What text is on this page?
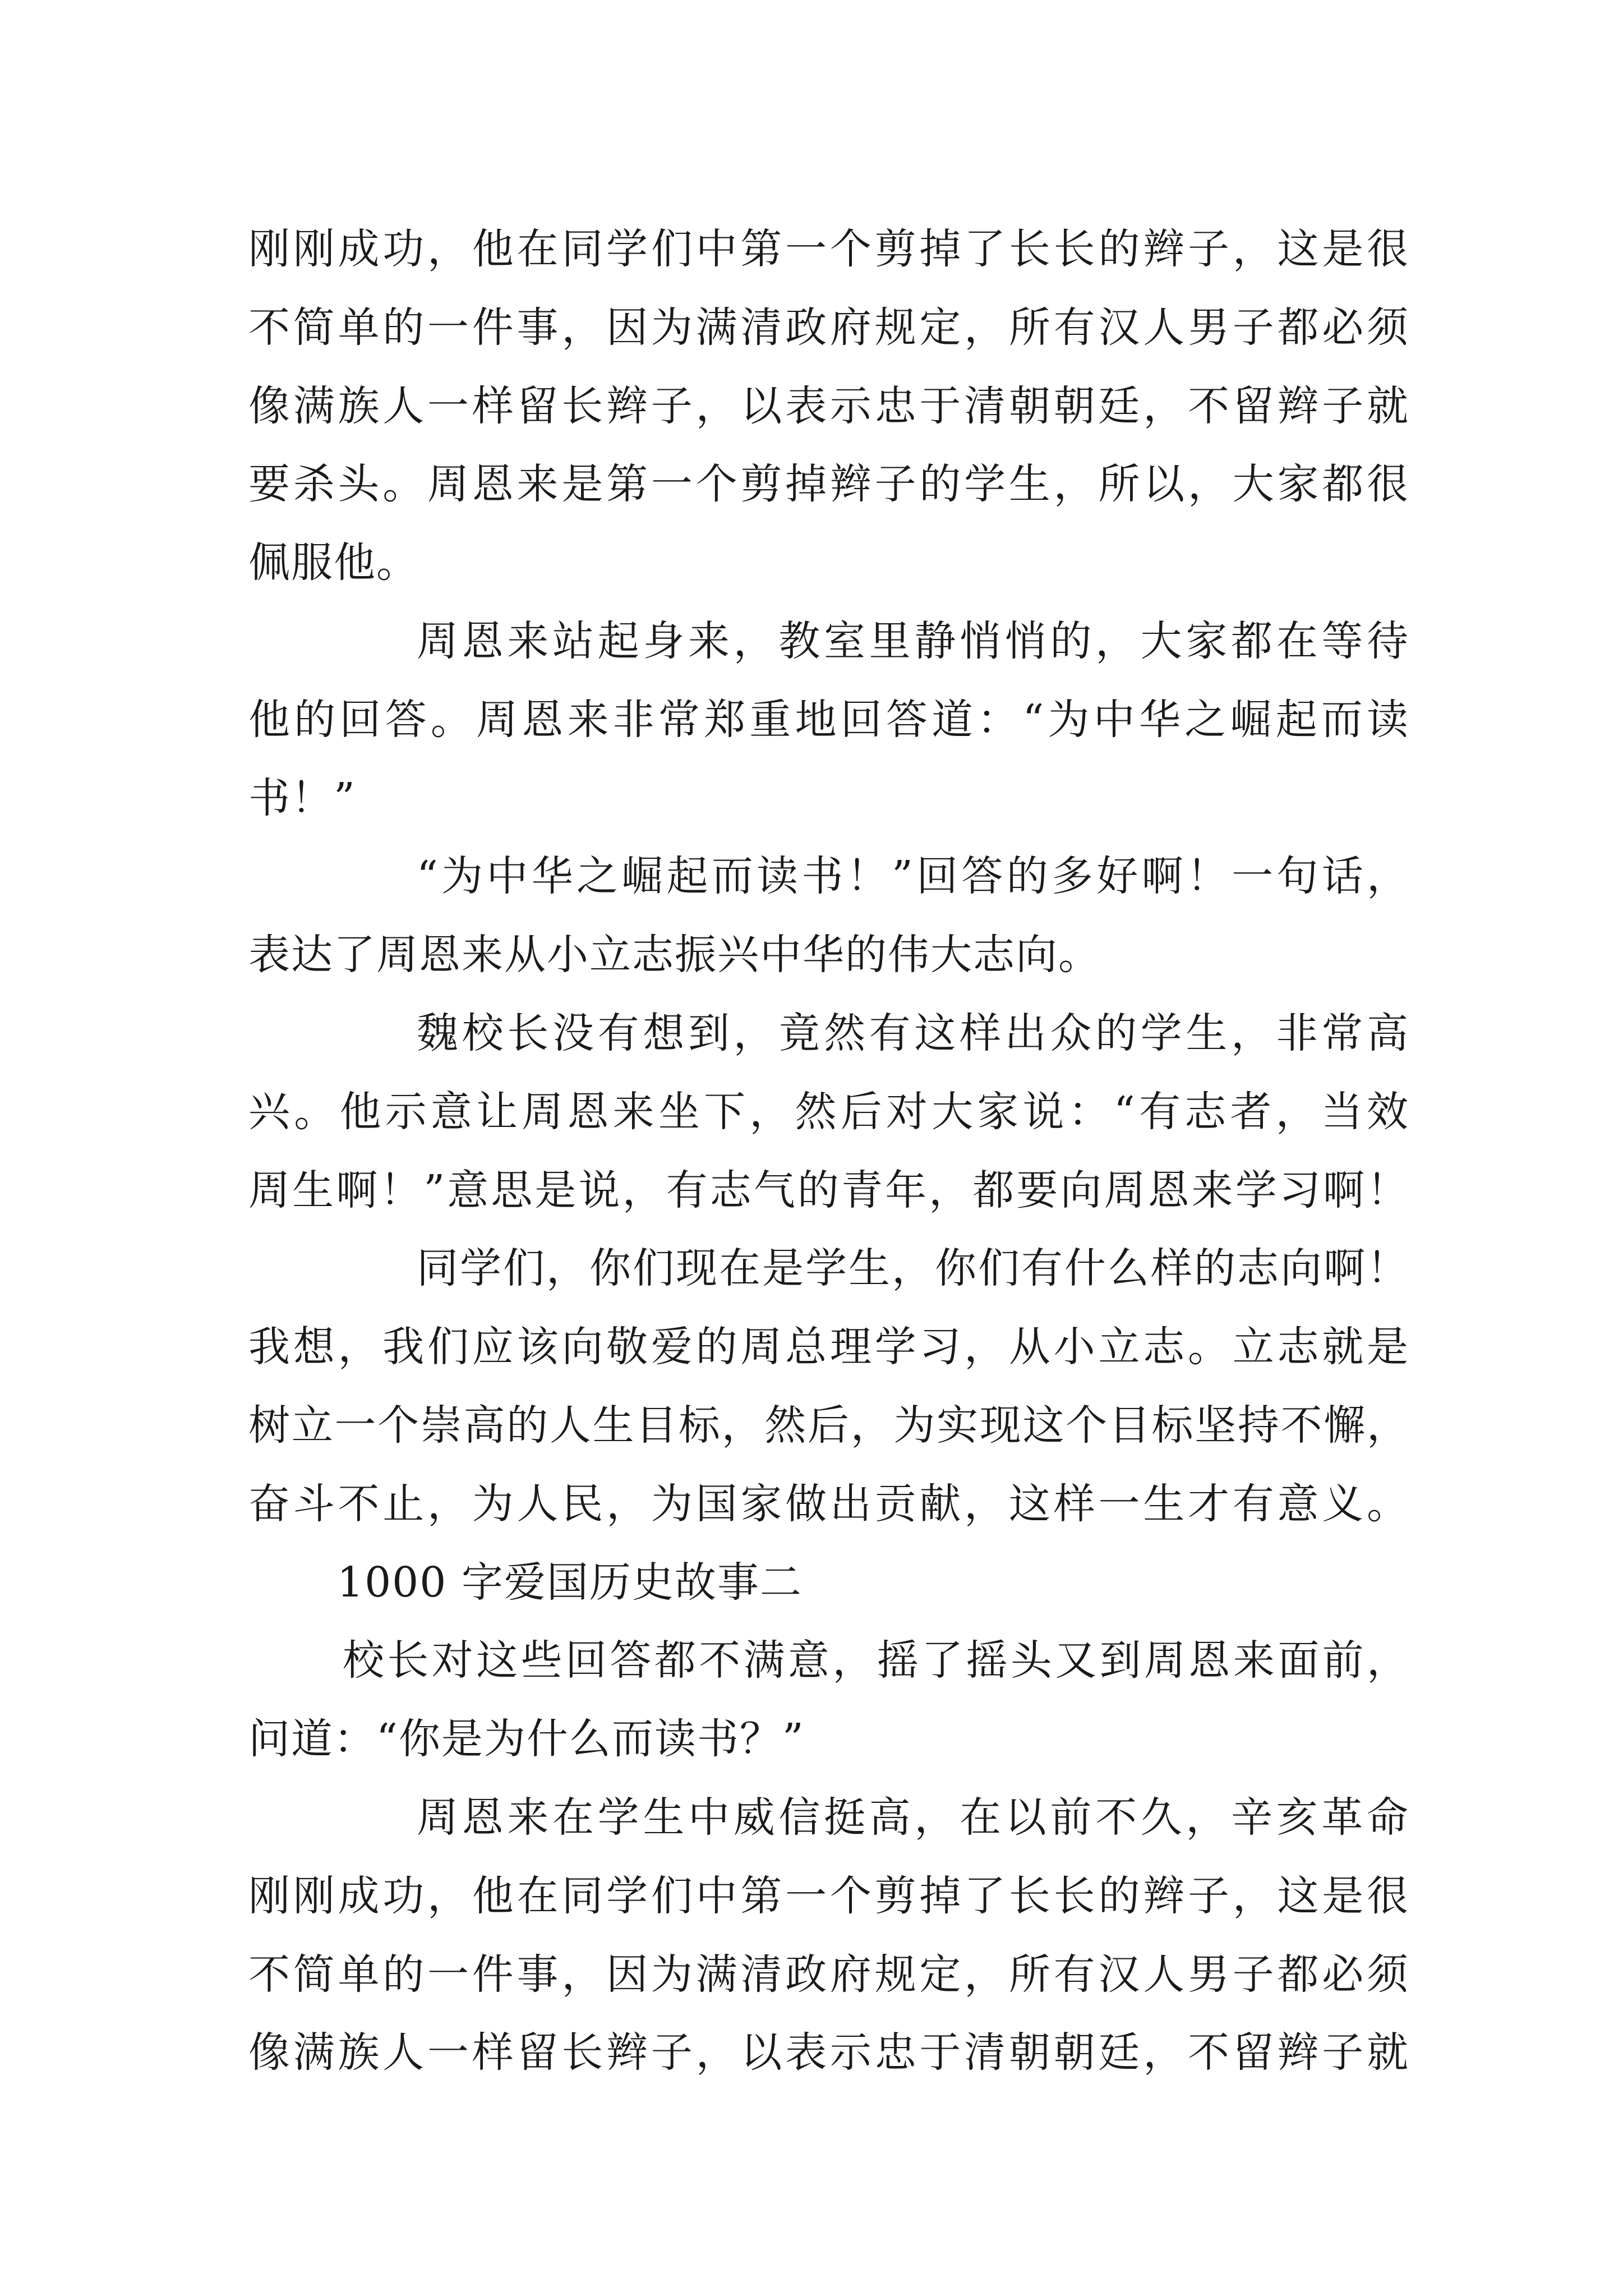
刚刚成功，他在同学们中第一个剪掉了长长的辫子，这是很
不简单的一件事，因为满清政府规定，所有汉人男子都必须
像满族人一样留长辫子，以表示忠于清朝朝廷，不留辫子就
要杀头。周恩来是第一个剪掉辫子的学生，所以，大家都很
佩服他。
周恩来站起身来，教室里静悄悄的，大家都在等待
他的回答。周恩来非常郑重地回答道：“为中华之崛起而读
书！”
“为中华之崛起而读书！”回答的多好啊！一句话，
表达了周恩来从小立志振兴中华的伟大志向。
魏校长没有想到，竟然有这样出众的学生，非常高
兴。他示意让周恩来坐下，然后对大家说：“有志者，当效
周生啊！”意思是说，有志气的青年，都要向周恩来学习啊！
同学们，你们现在是学生，你们有什么样的志向啊！
我想，我们应该向敬爱的周总理学习，从小立志。立志就是
树立一个崇高的人生目标，然后，为实现这个目标坚持不懈，
奋斗不止，为人民，为国家做出贡献，这样一生才有意义。
1000 字爱国历史故事二
校长对这些回答都不满意，摇了摇头又到周恩来面前，
问道：“你是为什么而读书？”
周恩来在学生中威信挺高，在以前不久，辛亥革命
刚刚成功，他在同学们中第一个剪掉了长长的辫子，这是很
不简单的一件事，因为满清政府规定，所有汉人男子都必须
像满族人一样留长辫子，以表示忠于清朝朝廷，不留辫子就
